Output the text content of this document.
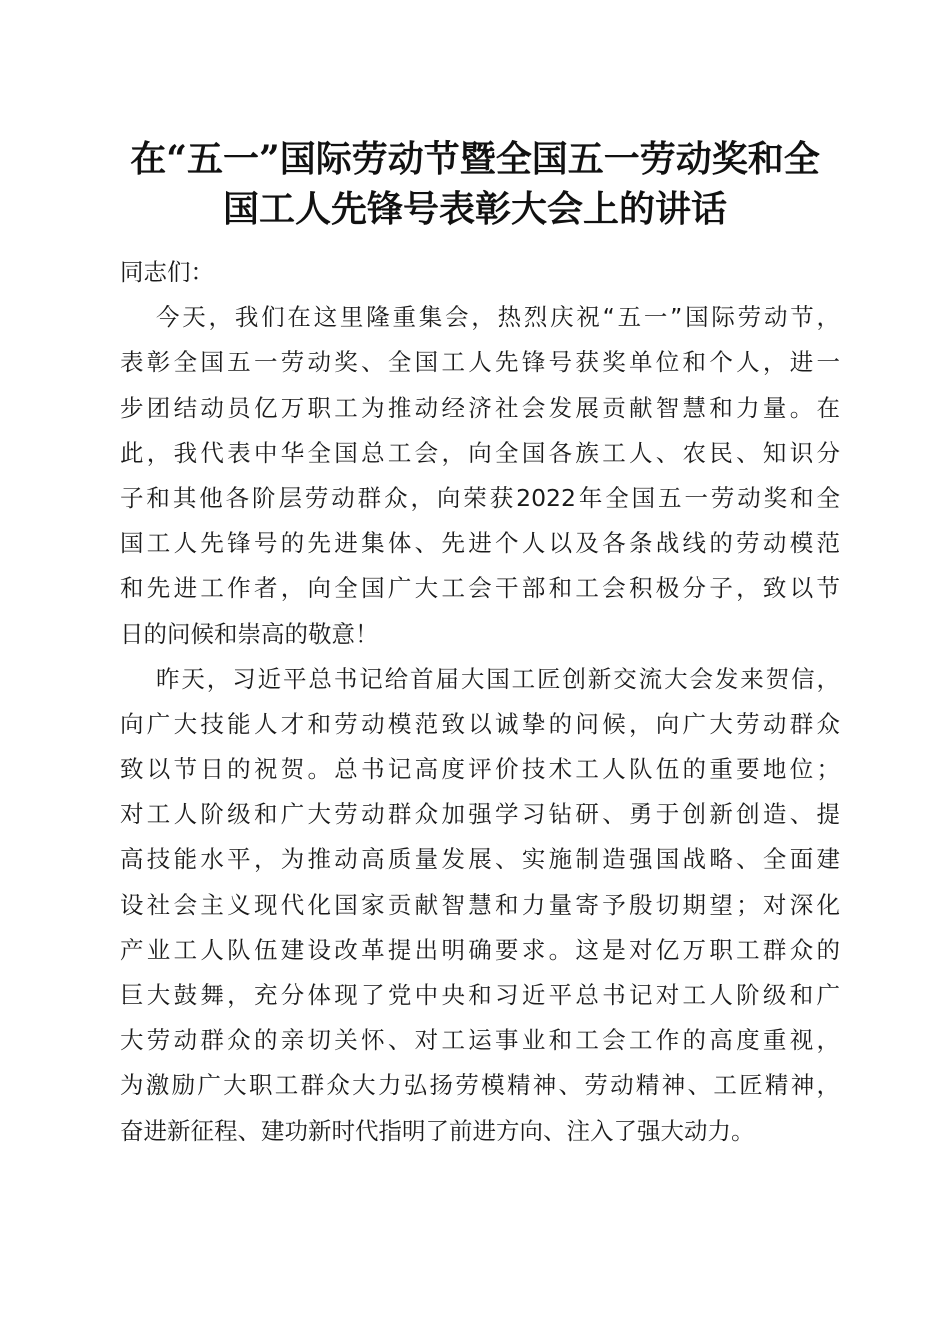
在“五一”国际劳动节暨全国五一劳动奖和全
国工人先锋号表彰大会上的讲话
同志们：
今天，我们在这里隆重集会，热烈庆祝“五一”国际劳动节，
表彰全国五一劳动奖、全国工人先锋号获奖单位和个人，进一
步团结动员亿万职工为推动经济社会发展贡献智慧和力量。在
此，我代表中华全国总工会，向全国各族工人、农民、知识分
子和其他各阶层劳动群众，向荣获2022年全国五一劳动奖和全
国工人先锋号的先进集体、先进个人以及各条战线的劳动模范
和先进工作者，向全国广大工会干部和工会积极分子，致以节
日的问候和崇高的敬意！
昨天，习近平总书记给首届大国工匠创新交流大会发来贺信，
向广大技能人才和劳动模范致以诚挚的问候，向广大劳动群众
致以节日的祝贺。总书记高度评价技术工人队伍的重要地位；
对工人阶级和广大劳动群众加强学习钻研、勇于创新创造、提
高技能水平，为推动高质量发展、实施制造强国战略、全面建
设社会主义现代化国家贡献智慧和力量寄予殷切期望；对深化
产业工人队伍建设改革提出明确要求。这是对亿万职工群众的
巨大鼓舞，充分体现了党中央和习近平总书记对工人阶级和广
大劳动群众的亲切关怀、对工运事业和工会工作的高度重视，
为激励广大职工群众大力弘扬劳模精神、劳动精神、工匠精神，
奋进新征程、建功新时代指明了前进方向、注入了强大动力。
